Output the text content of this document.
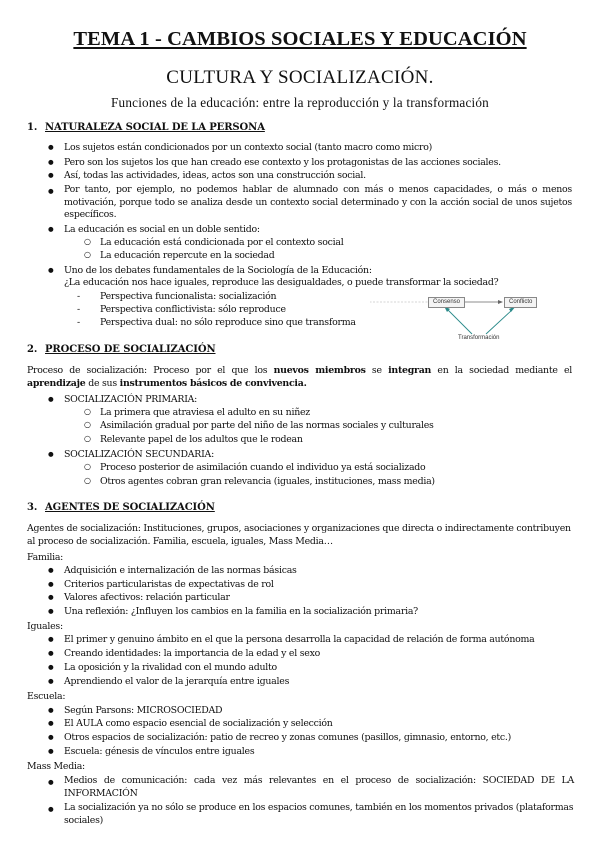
TEMA 1 - CAMBIOS SOCIALES Y EDUCACIÓN
CULTURA Y SOCIALIZACIÓN.
Funciones de la educación: entre la reproducción y la transformación
1. NATURALEZA SOCIAL DE LA PERSONA
● Los sujetos están condicionados por un contexto social (tanto macro como micro)
● Pero son los sujetos los que han creado ese contexto y los protagonistas de las acciones sociales.
● Así, todas las actividades, ideas, actos son una construcción social.
● Por tanto, por ejemplo, no podemos hablar de alumnado con más o menos capacidades, o más o menos motivación, porque todo se analiza desde un contexto social determinado y con la acción social de unos sujetos específicos.
● La educación es social en un doble sentido:
○ La educación está condicionada por el contexto social
○ La educación repercute en la sociedad
● Uno de los debates fundamentales de la Sociología de la Educación:
¿La educación nos hace iguales, reproduce las desigualdades, o puede transformar la sociedad?
- Perspectiva funcionalista: socialización
- Perspectiva conflictivista: sólo reproduce
- Perspectiva dual: no sólo reproduce sino que transforma
Consenso	Conflicto
Transformación
2. PROCESO DE SOCIALIZACIÓN
Proceso de socialización: Proceso por el que los nuevos miembros se integran en la sociedad mediante el aprendizaje de sus instrumentos básicos de convivencia.
● SOCIALIZACIÓN PRIMARIA:
○ La primera que atraviesa el adulto en su niñez
○ Asimilación gradual por parte del niño de las normas sociales y culturales
○ Relevante papel de los adultos que le rodean
● SOCIALIZACIÓN SECUNDARIA:
○ Proceso posterior de asimilación cuando el individuo ya está socializado
○ Otros agentes cobran gran relevancia (iguales, instituciones, mass media)
3. AGENTES DE SOCIALIZACIÓN
Agentes de socialización: Instituciones, grupos, asociaciones y organizaciones que directa o indirectamente contribuyen al proceso de socialización. Familia, escuela, iguales, Mass Media…
Familia:
● Adquisición e internalización de las normas básicas
● Criterios particularistas de expectativas de rol
● Valores afectivos: relación particular
● Una reflexión: ¿Influyen los cambios en la familia en la socialización primaria?
Iguales:
● El primer y genuino ámbito en el que la persona desarrolla la capacidad de relación de forma autónoma
● Creando identidades: la importancia de la edad y el sexo
● La oposición y la rivalidad con el mundo adulto
● Aprendiendo el valor de la jerarquía entre iguales
Escuela:
● Según Parsons: MICROSOCIEDAD
● El AULA como espacio esencial de socialización y selección
● Otros espacios de socialización: patio de recreo y zonas comunes (pasillos, gimnasio, entorno, etc.)
● Escuela: génesis de vínculos entre iguales
Mass Media:
● Medios de comunicación: cada vez más relevantes en el proceso de socialización: SOCIEDAD DE LA INFORMACIÓN
● La socialización ya no sólo se produce en los espacios comunes, también en los momentos privados (plataformas sociales)
